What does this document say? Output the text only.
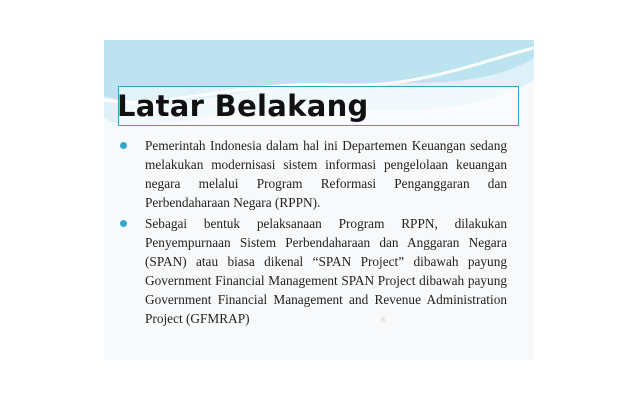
Latar Belakang
Pemerintah Indonesia dalam hal ini Departemen Keuangan sedang melakukan modernisasi sistem informasi pengelolaan keuangan negara melalui Program Reformasi Penganggaran dan Perbendaharaan Negara (RPPN).
Sebagai bentuk pelaksanaan Program RPPN, dilakukan Penyempurnaan Sistem Perbendaharaan dan Anggaran Negara (SPAN) atau biasa dikenal “SPAN Project” dibawah payung Government Financial Management SPAN Project dibawah payung Government Financial Management and Revenue Administration Project (GFMRAP)	8
